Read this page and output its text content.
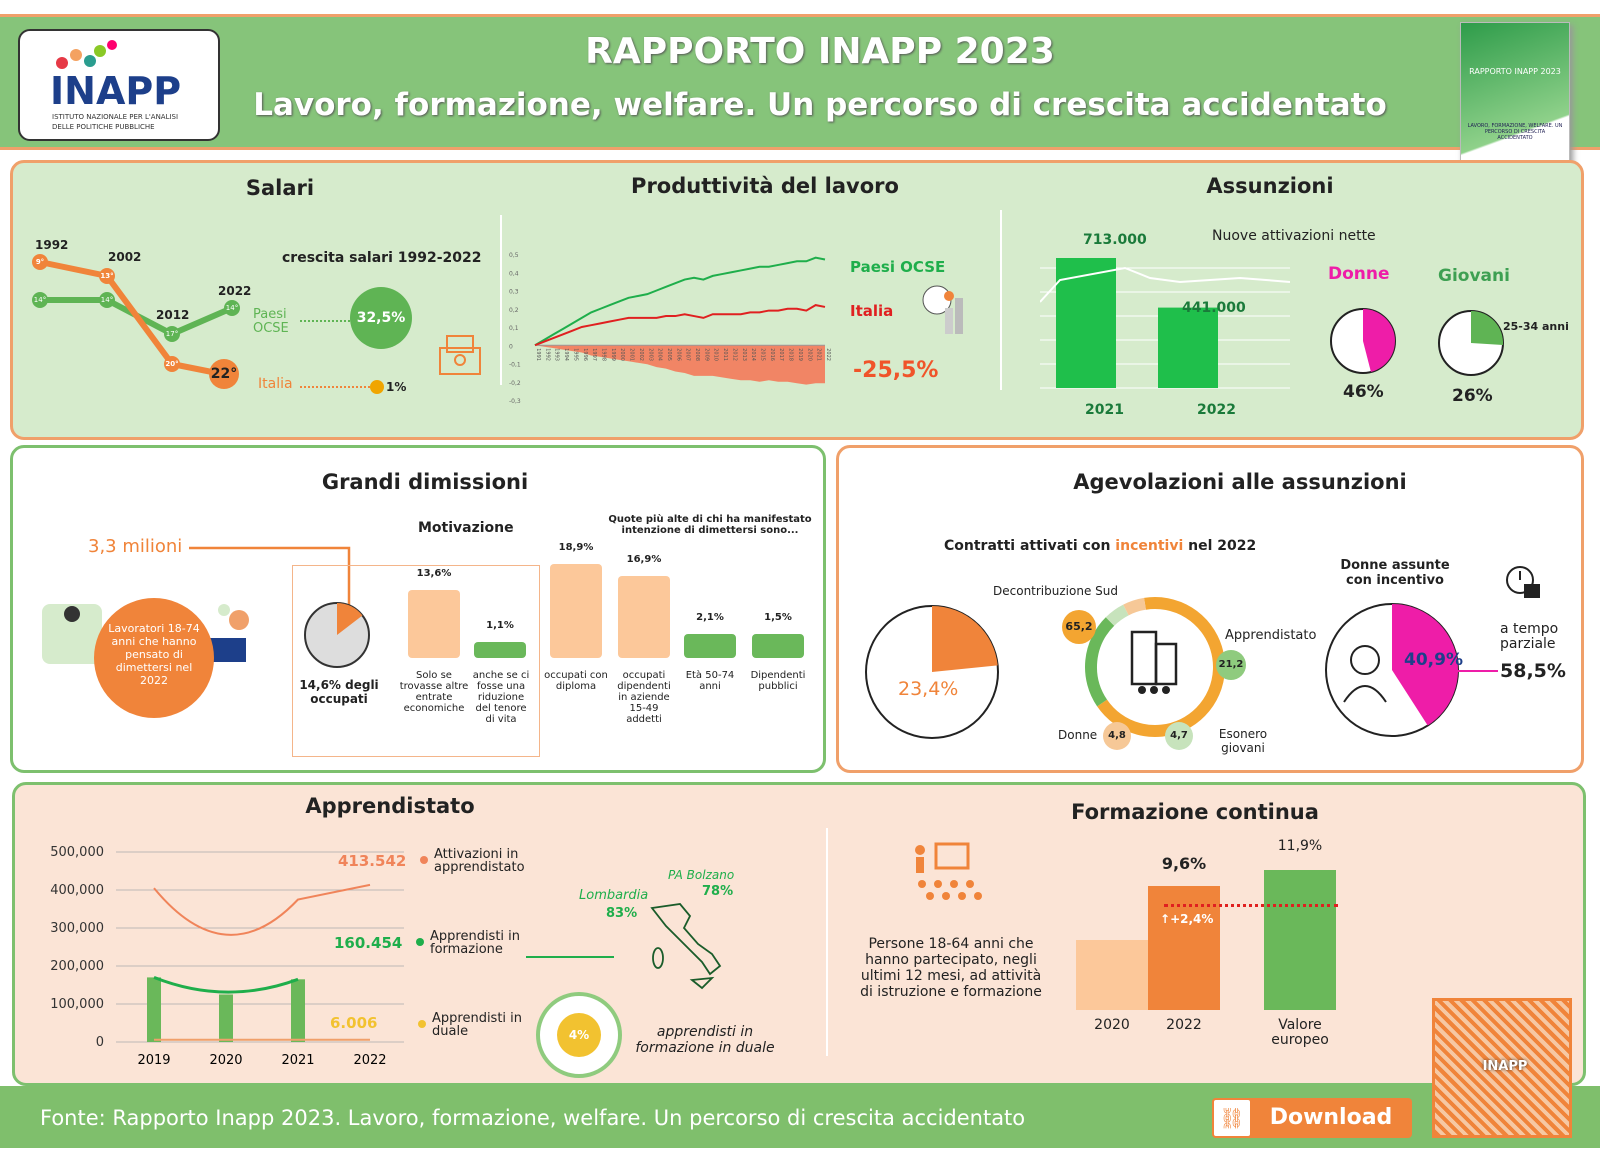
INAPP
ISTITUTO NAZIONALE PER L'ANALISI
DELLE POLITICHE PUBBLICHE
RAPPORTO INAPP 2023
Lavoro, formazione, welfare. Un percorso di crescita accidentato
RAPPORTO INAPP 2023
LAVORO, FORMAZIONE, WELFARE. UN PERCORSO DI CRESCITA ACCIDENTATO
Salari
crescita salari 1992-2022
14°	14°
17°
14°
9°
13°
20°
22°
1992
2002
2012
2022
Paesi OCSE
32,5%
Italia	1%
Produttività del lavoro
0,5
0,4
0,3
0,2
0,1
0
-0,1
-0,2
-0,3
1991 1992 1993 1994 1995 1996 1997 1998 1999 2000 2001 2002 2003 2004 2005 2006 2007 2008 2009 2010 2011 2012 2013 2014 2015 2016 2017 2018 2019 2020 2021 2022
Paesi OCSE
Italia
-25,5%
Assunzioni
Nuove attivazioni nette
713.000
441.000
2021	2022
Donne
46%
Giovani
25-34 anni
26%
Grandi dimissioni
3,3 milioni
Lavoratori 18-74 anni che hanno pensato di dimettersi nel 2022	14,6% degli occupati
Motivazione
Quote più alte di chi ha manifestato intenzione di dimettersi sono...
13,6%
Solo se trovasse altre entrate economiche
1,1%
anche se ci fosse una riduzione del tenore di vita
18,9%
occupati con diploma
16,9%
occupati dipendenti in aziende 15-49 addetti
2,1%
Età 50-74 anni
1,5%
Dipendenti pubblici
Agevolazioni alle assunzioni
Contratti attivati con incentivi nel 2022
23,4%
Decontribuzione Sud
65,2
Apprendistato
21,2
4,7	Esonero giovani
Donne	4,8
Donne assunte con incentivo
40,9%
a tempo parziale
58,5%
Apprendistato
500,000
400,000
300,000
200,000
100,000
0
2019	2020	2021	2022
413.542 Attivazioni in apprendistato
160.454 Apprendisti in formazione
6.006	Apprendisti in duale
Lombardia
83%
PA Bolzano
78%
4%	apprendisti in formazione in duale
Formazione continua
Persone 18-64 anni che hanno partecipato, negli ultimi 12 mesi, ad attività di istruzione e formazione
2020
9,6%
2022
11,9%
Valore europeo
↑+2,4%
Fonte: Rapporto Inapp 2023. Lavoro, formazione, welfare. Un percorso di crescita accidentato	⛓	Download
INAPP
